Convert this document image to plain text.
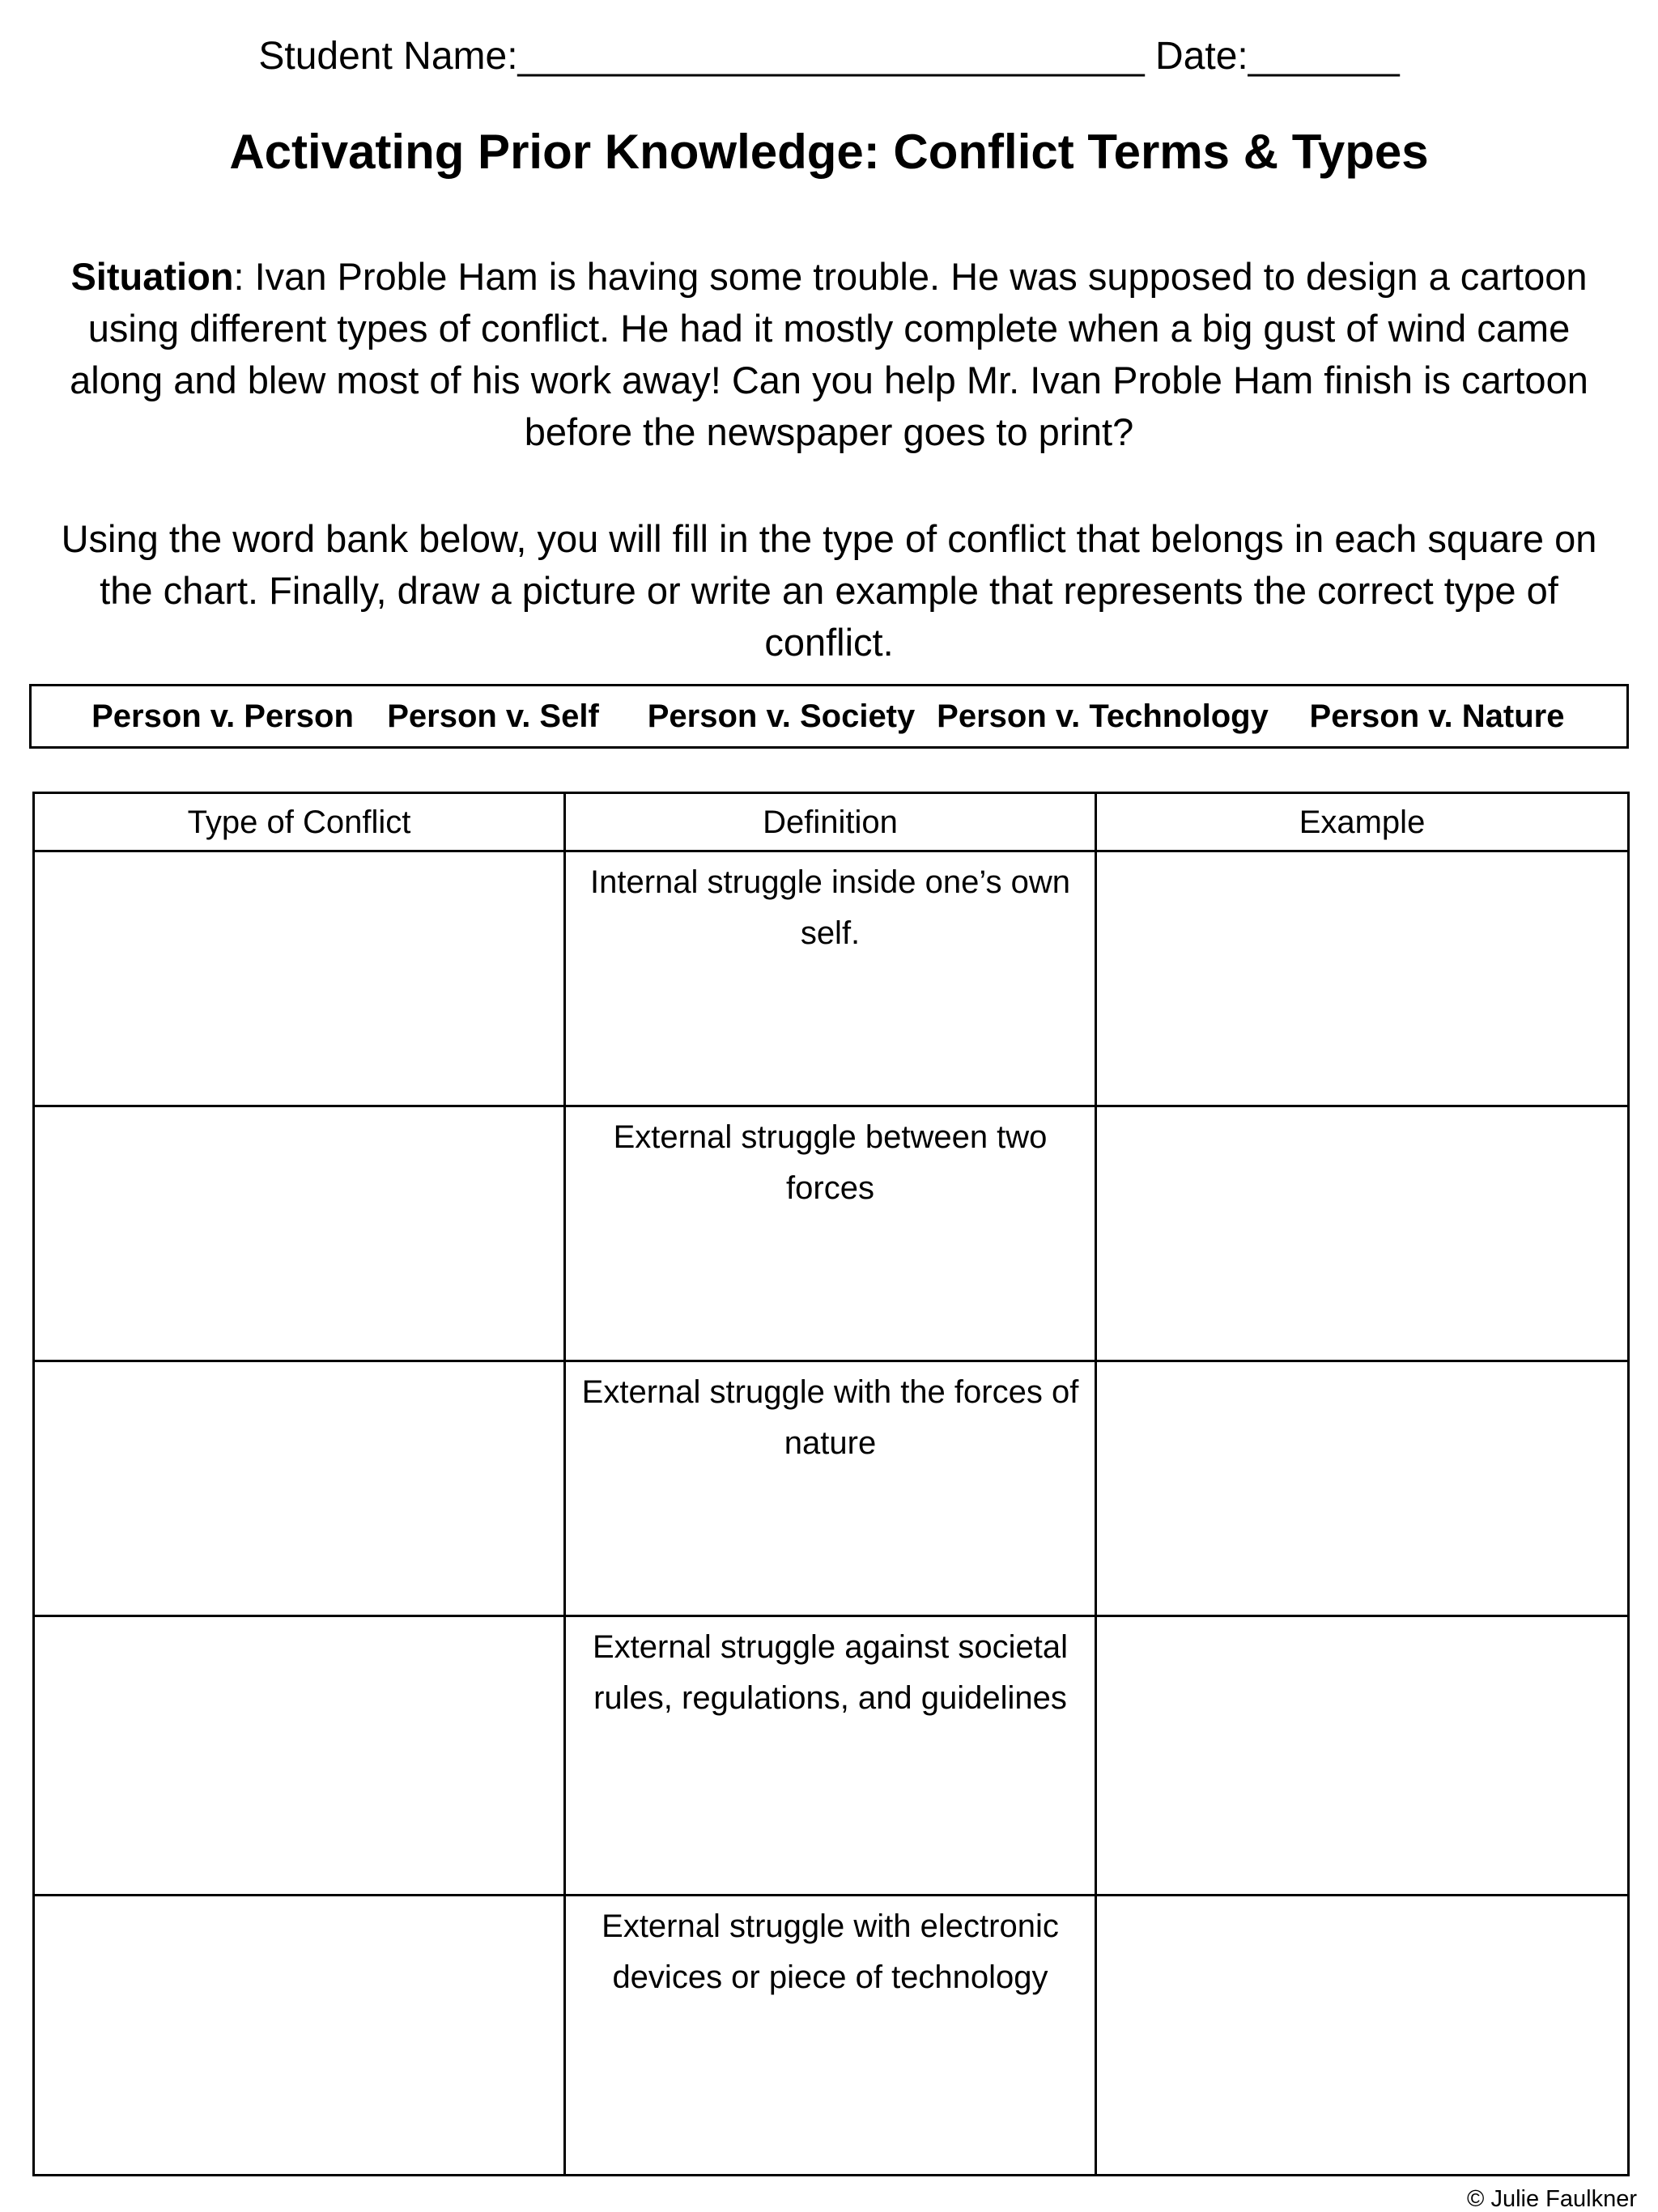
Student Name:_____________________________ Date:_______
Activating Prior Knowledge: Conflict Terms & Types
Situation: Ivan Proble Ham is having some trouble. He was supposed to design a cartoon using different types of conflict. He had it mostly complete when a big gust of wind came along and blew most of his work away! Can you help Mr. Ivan Proble Ham finish is cartoon before the newspaper goes to print?
Using the word bank below, you will fill in the type of conflict that belongs in each square on the chart. Finally, draw a picture or write an example that represents the correct type of conflict.
Person v. Person Person v. Self Person v. Society Person v. Technology Person v. Nature
Type of Conflict	Definition	Example
	Internal struggle inside one’s own self.	
	External struggle between two forces	
	External struggle with the forces of nature	
	External struggle against societal rules, regulations, and guidelines	
	External struggle with electronic devices or piece of technology	
© Julie Faulkner
